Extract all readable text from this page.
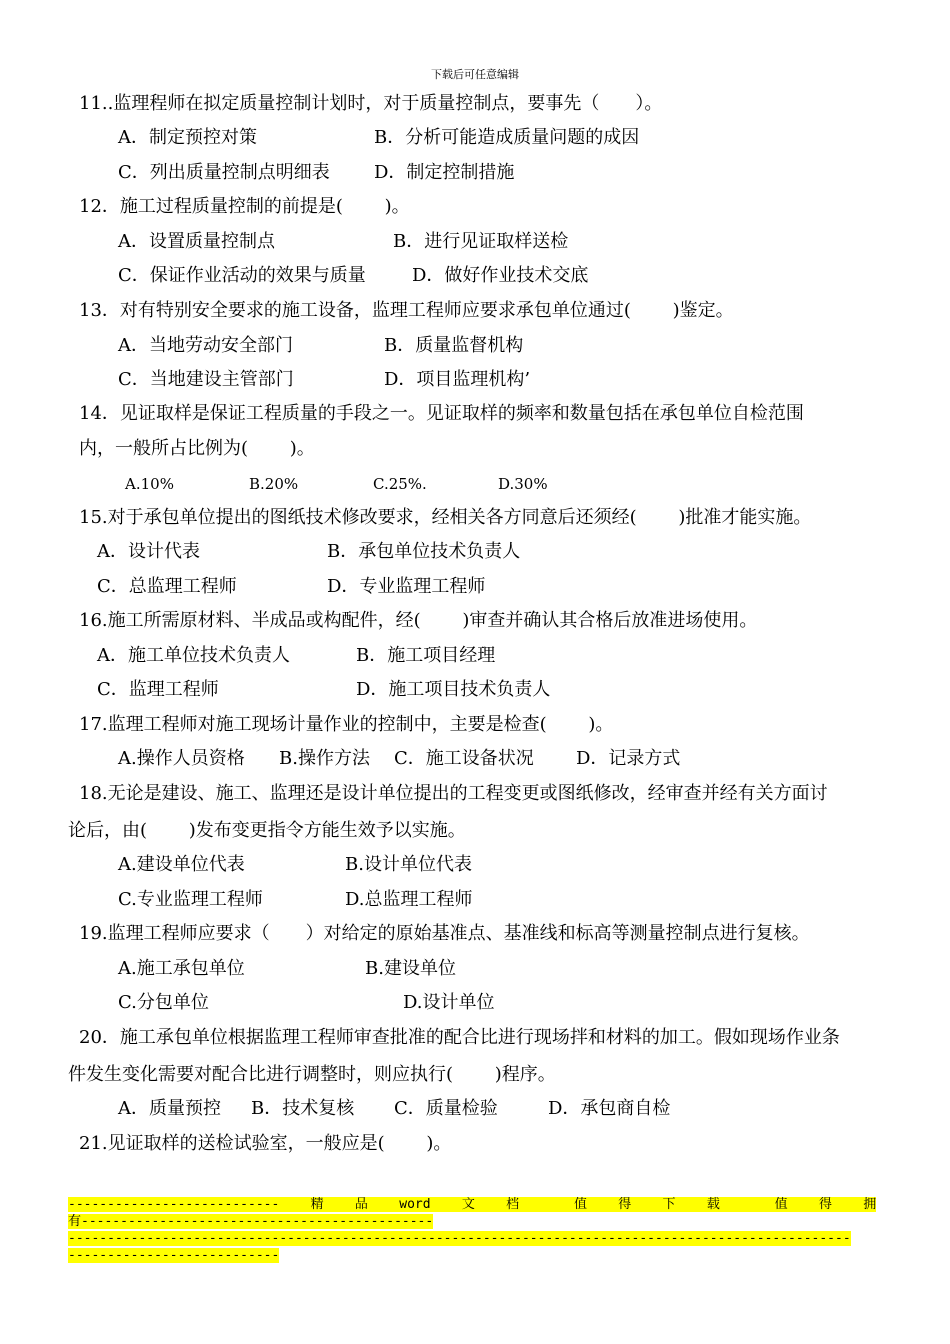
下载后可任意编辑
11..监理程师在拟定质量控制计划时，对于质量控制点，要事先（　　）。
A．制定预控对策	B．分析可能造成质量问题的成因
C．列出质量控制点明细表 D．制定控制措施
12．施工过程质量控制的前提是(　　 )。
A．设置质量控制点	B．进行见证取样送检
C．保证作业活动的效果与质量	D．做好作业技术交底
13．对有特别安全要求的施工设备，监理工程师应要求承包单位通过(　　 )鉴定。
A．当地劳动安全部门	B．质量监督机构
C．当地建设主管部门	D．项目监理机构’
14．见证取样是保证工程质量的手段之一。见证取样的频率和数量包括在承包单位自检范围
内，一般所占比例为(　　 )。
A.10%	B.20%	C.25%.	D.30%
15.对于承包单位提出的图纸技术修改要求，经相关各方同意后还须经(　　 )批准才能实施。
A．设计代表	B．承包单位技术负责人
C．总监理工程师	D．专业监理工程师
16.施工所需原材料、半成品或构配件，经(　　 )审查并确认其合格后放准进场使用。
A．施工单位技术负责人	B．施工项目经理
C．监理工程师	D．施工项目技术负责人
17.监理工程师对施工现场计量作业的控制中，主要是检查(　　 )。
A.操作人员资格 B.操作方法 C．施工设备状况 D．记录方式
18.无论是建设、施工、监理还是设计单位提出的工程变更或图纸修改，经审查并经有关方面讨
论后，由(　　 )发布变更指令方能生效予以实施。
A.建设单位代表	B.设计单位代表
C.专业监理工程师	D.总监理工程师
19.监理工程师应要求（　　）对给定的原始基准点、基准线和标高等测量控制点进行复核。
A.施工承包单位	B.建设单位
C.分包单位	D.设计单位
20．施工承包单位根据监理工程师审查批准的配合比进行现场拌和材料的加工。假如现场作业条
件发生变化需要对配合比进行调整时，则应执行(　　 )程序。
A．质量预控 B．技术复核 C．质量检验	D．承包商自检
21.见证取样的送检试验室，一般应是(　　 )。
---------------------------    精    品    word    文    档       值    得    下    载       值    得    拥
有---------------------------------------------
----------------------------------------------------------------------------------------------------
---------------------------
